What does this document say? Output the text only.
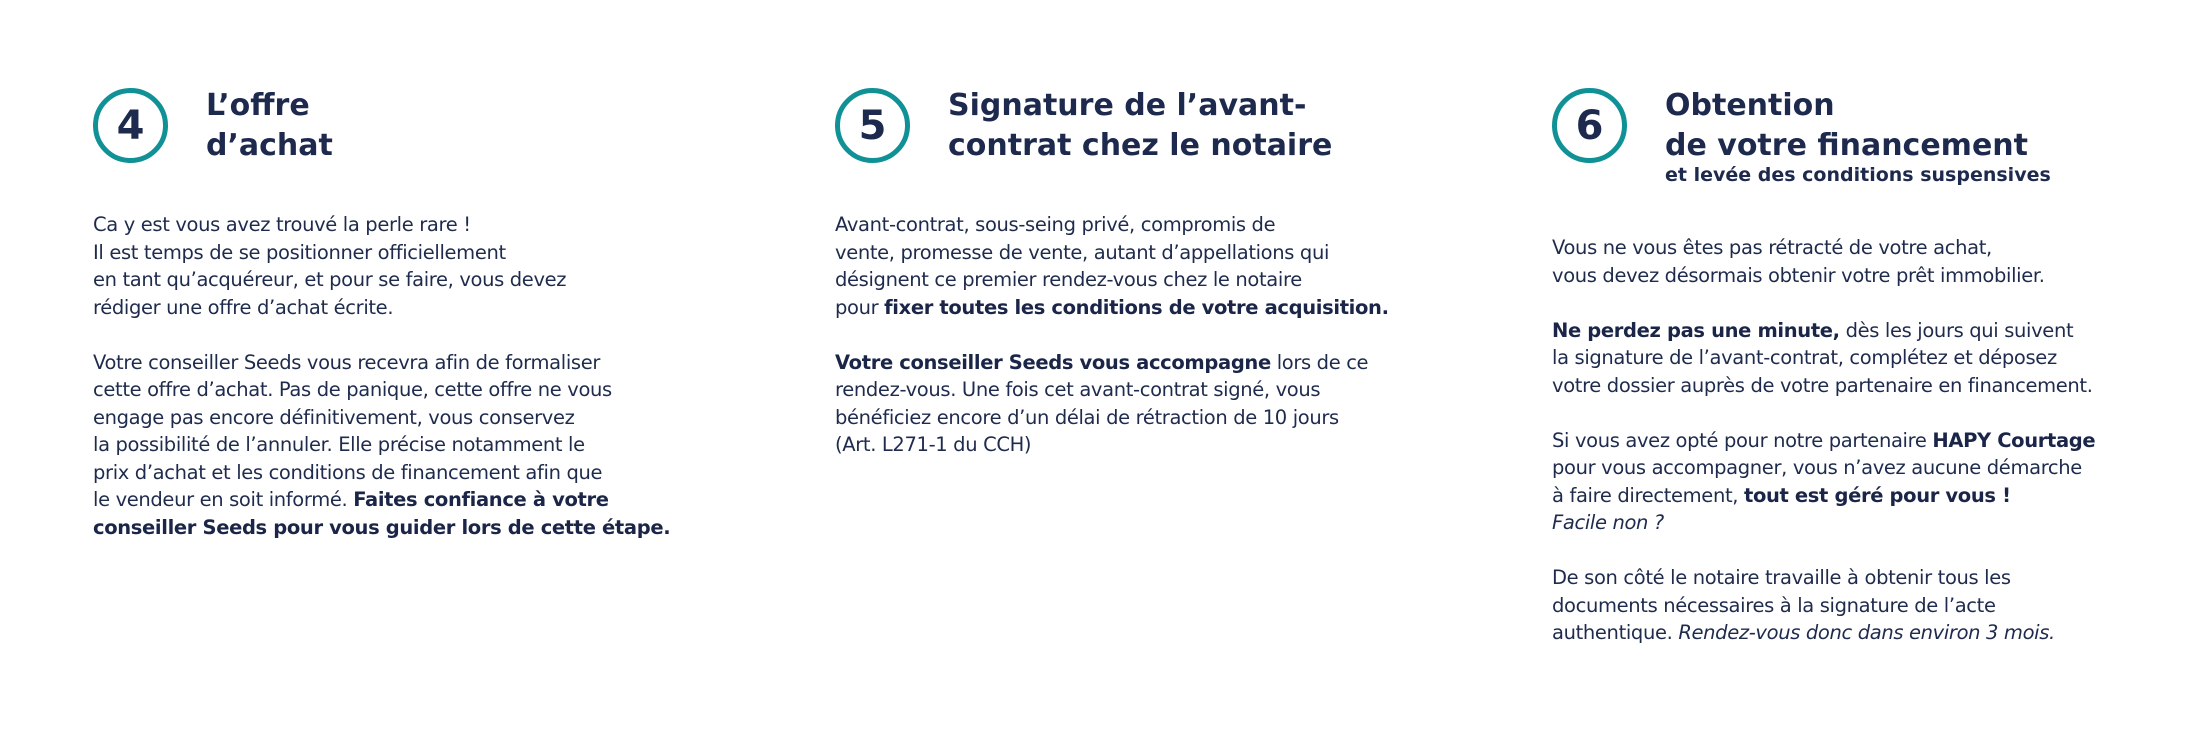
4 L’offre
d’achat

Ca y est vous avez trouvé la perle rare !
Il est temps de se positionner officiellement
en tant qu’acquéreur, et pour se faire, vous devez
rédiger une offre d’achat écrite.

Votre conseiller Seeds vous recevra afin de formaliser
cette offre d’achat. Pas de panique, cette offre ne vous
engage pas encore définitivement, vous conservez
la possibilité de l’annuler. Elle précise notamment le
prix d’achat et les conditions de financement afin que
le vendeur en soit informé. Faites confiance à votre
conseiller Seeds pour vous guider lors de cette étape.

5 Signature de l’avant-
contrat chez le notaire

Avant-contrat, sous-seing privé, compromis de
vente, promesse de vente, autant d’appellations qui
désignent ce premier rendez-vous chez le notaire
pour fixer toutes les conditions de votre acquisition.

Votre conseiller Seeds vous accompagne lors de ce
rendez-vous. Une fois cet avant-contrat signé, vous
bénéficiez encore d’un délai de rétraction de 10 jours
(Art. L271-1 du CCH)

6 Obtention
de votre financement
et levée des conditions suspensives

Vous ne vous êtes pas rétracté de votre achat,
vous devez désormais obtenir votre prêt immobilier.

Ne perdez pas une minute, dès les jours qui suivent
la signature de l’avant-contrat, complétez et déposez
votre dossier auprès de votre partenaire en financement.

Si vous avez opté pour notre partenaire HAPY Courtage
pour vous accompagner, vous n’avez aucune démarche
à faire directement, tout est géré pour vous !
Facile non ?

De son côté le notaire travaille à obtenir tous les
documents nécessaires à la signature de l’acte
authentique. Rendez-vous donc dans environ 3 mois.
